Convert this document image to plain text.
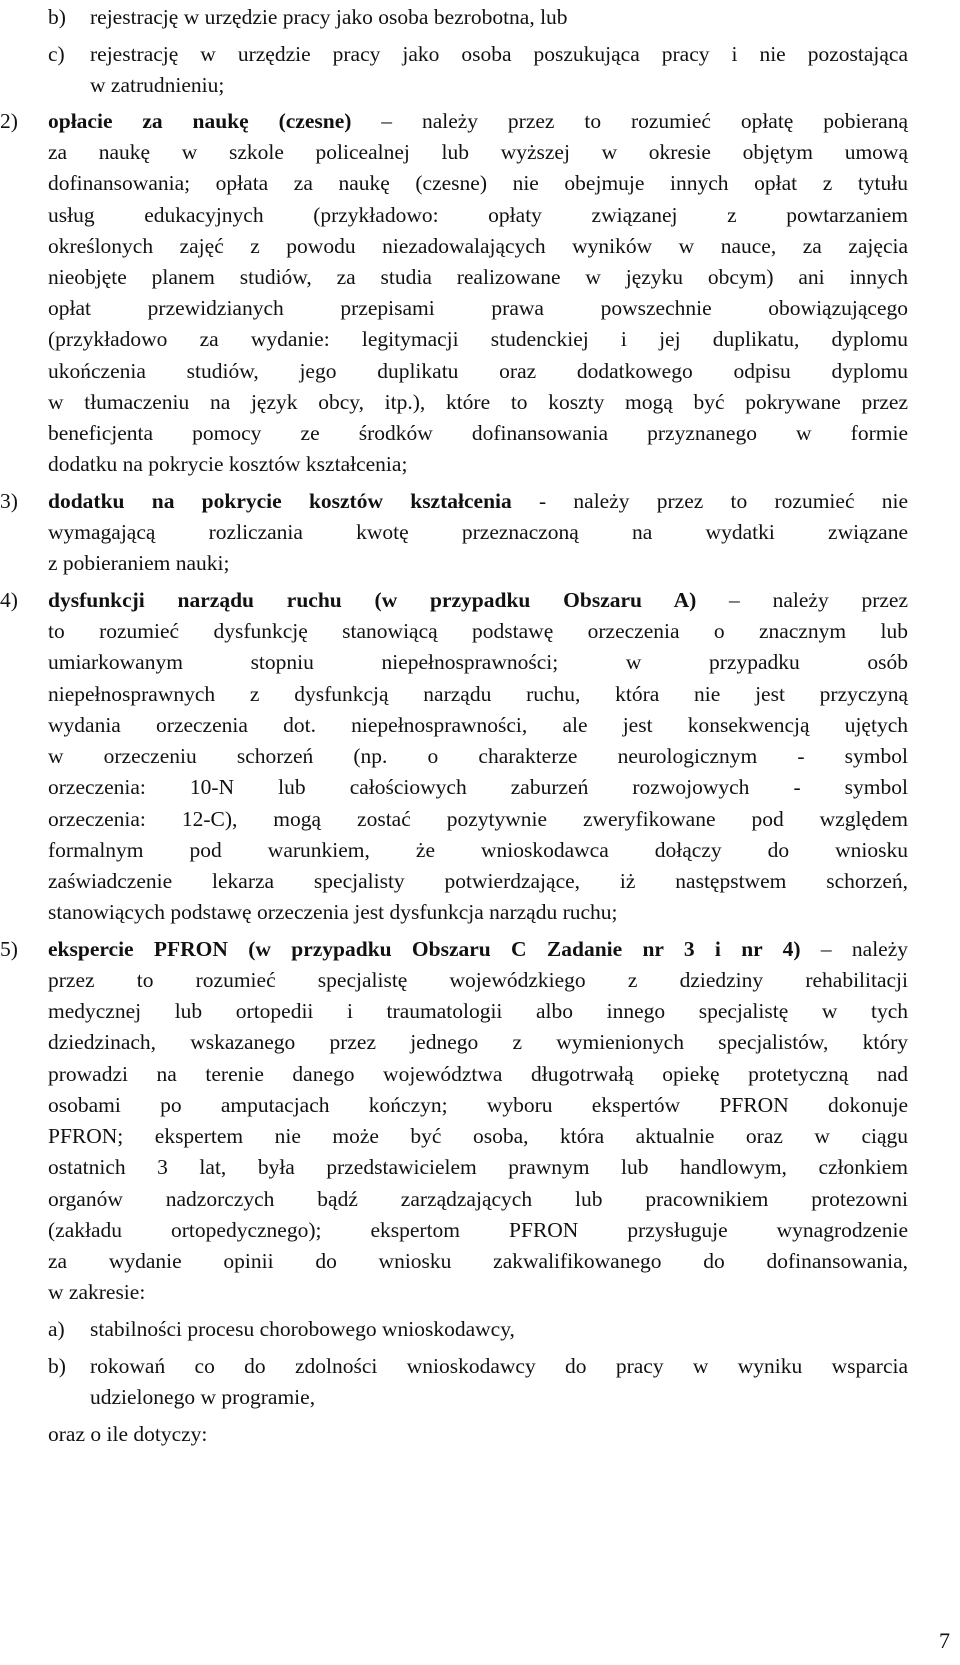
b) rejestrację w urzędzie pracy jako osoba bezrobotna, lub
c) rejestrację w urzędzie pracy jako osoba poszukująca pracy i nie pozostająca
w zatrudnieniu;
2) opłacie za naukę (czesne) – należy przez to rozumieć opłatę pobieraną
za naukę w szkole policealnej lub wyższej w okresie objętym umową
dofinansowania; opłata za naukę (czesne) nie obejmuje innych opłat z tytułu
usług edukacyjnych (przykładowo: opłaty związanej z powtarzaniem
określonych zajęć z powodu niezadowalających wyników w nauce, za zajęcia
nieobjęte planem studiów, za studia realizowane w języku obcym) ani innych
opłat przewidzianych przepisami prawa powszechnie obowiązującego
(przykładowo za wydanie: legitymacji studenckiej i jej duplikatu, dyplomu
ukończenia studiów, jego duplikatu oraz dodatkowego odpisu dyplomu
w tłumaczeniu na język obcy, itp.), które to koszty mogą być pokrywane przez
beneficjenta pomocy ze środków dofinansowania przyznanego w formie
dodatku na pokrycie kosztów kształcenia;
3) dodatku na pokrycie kosztów kształcenia - należy przez to rozumieć nie
wymagającą rozliczania kwotę przeznaczoną na wydatki związane
z pobieraniem nauki;
4) dysfunkcji narządu ruchu (w przypadku Obszaru A) – należy przez
to rozumieć dysfunkcję stanowiącą podstawę orzeczenia o znacznym lub
umiarkowanym stopniu niepełnosprawności; w przypadku osób
niepełnosprawnych z dysfunkcją narządu ruchu, która nie jest przyczyną
wydania orzeczenia dot. niepełnosprawności, ale jest konsekwencją ujętych
w orzeczeniu schorzeń (np. o charakterze neurologicznym - symbol
orzeczenia: 10-N lub całościowych zaburzeń rozwojowych - symbol
orzeczenia: 12-C), mogą zostać pozytywnie zweryfikowane pod względem
formalnym pod warunkiem, że wnioskodawca dołączy do wniosku
zaświadczenie lekarza specjalisty potwierdzające, iż następstwem schorzeń,
stanowiących podstawę orzeczenia jest dysfunkcja narządu ruchu;
5) ekspercie PFRON (w przypadku Obszaru C Zadanie nr 3 i nr 4) – należy
przez to rozumieć specjalistę wojewódzkiego z dziedziny rehabilitacji
medycznej lub ortopedii i traumatologii albo innego specjalistę w tych
dziedzinach, wskazanego przez jednego z wymienionych specjalistów, który
prowadzi na terenie danego województwa długotrwałą opiekę protetyczną nad
osobami po amputacjach kończyn; wyboru ekspertów PFRON dokonuje
PFRON; ekspertem nie może być osoba, która aktualnie oraz w ciągu
ostatnich 3 lat, była przedstawicielem prawnym lub handlowym, członkiem
organów nadzorczych bądź zarządzających lub pracownikiem protezowni
(zakładu ortopedycznego); ekspertom PFRON przysługuje wynagrodzenie
za wydanie opinii do wniosku zakwalifikowanego do dofinansowania,
w zakresie:
a) stabilności procesu chorobowego wnioskodawcy,
b) rokowań co do zdolności wnioskodawcy do pracy w wyniku wsparcia
udzielonego w programie,
oraz o ile dotyczy:
7
